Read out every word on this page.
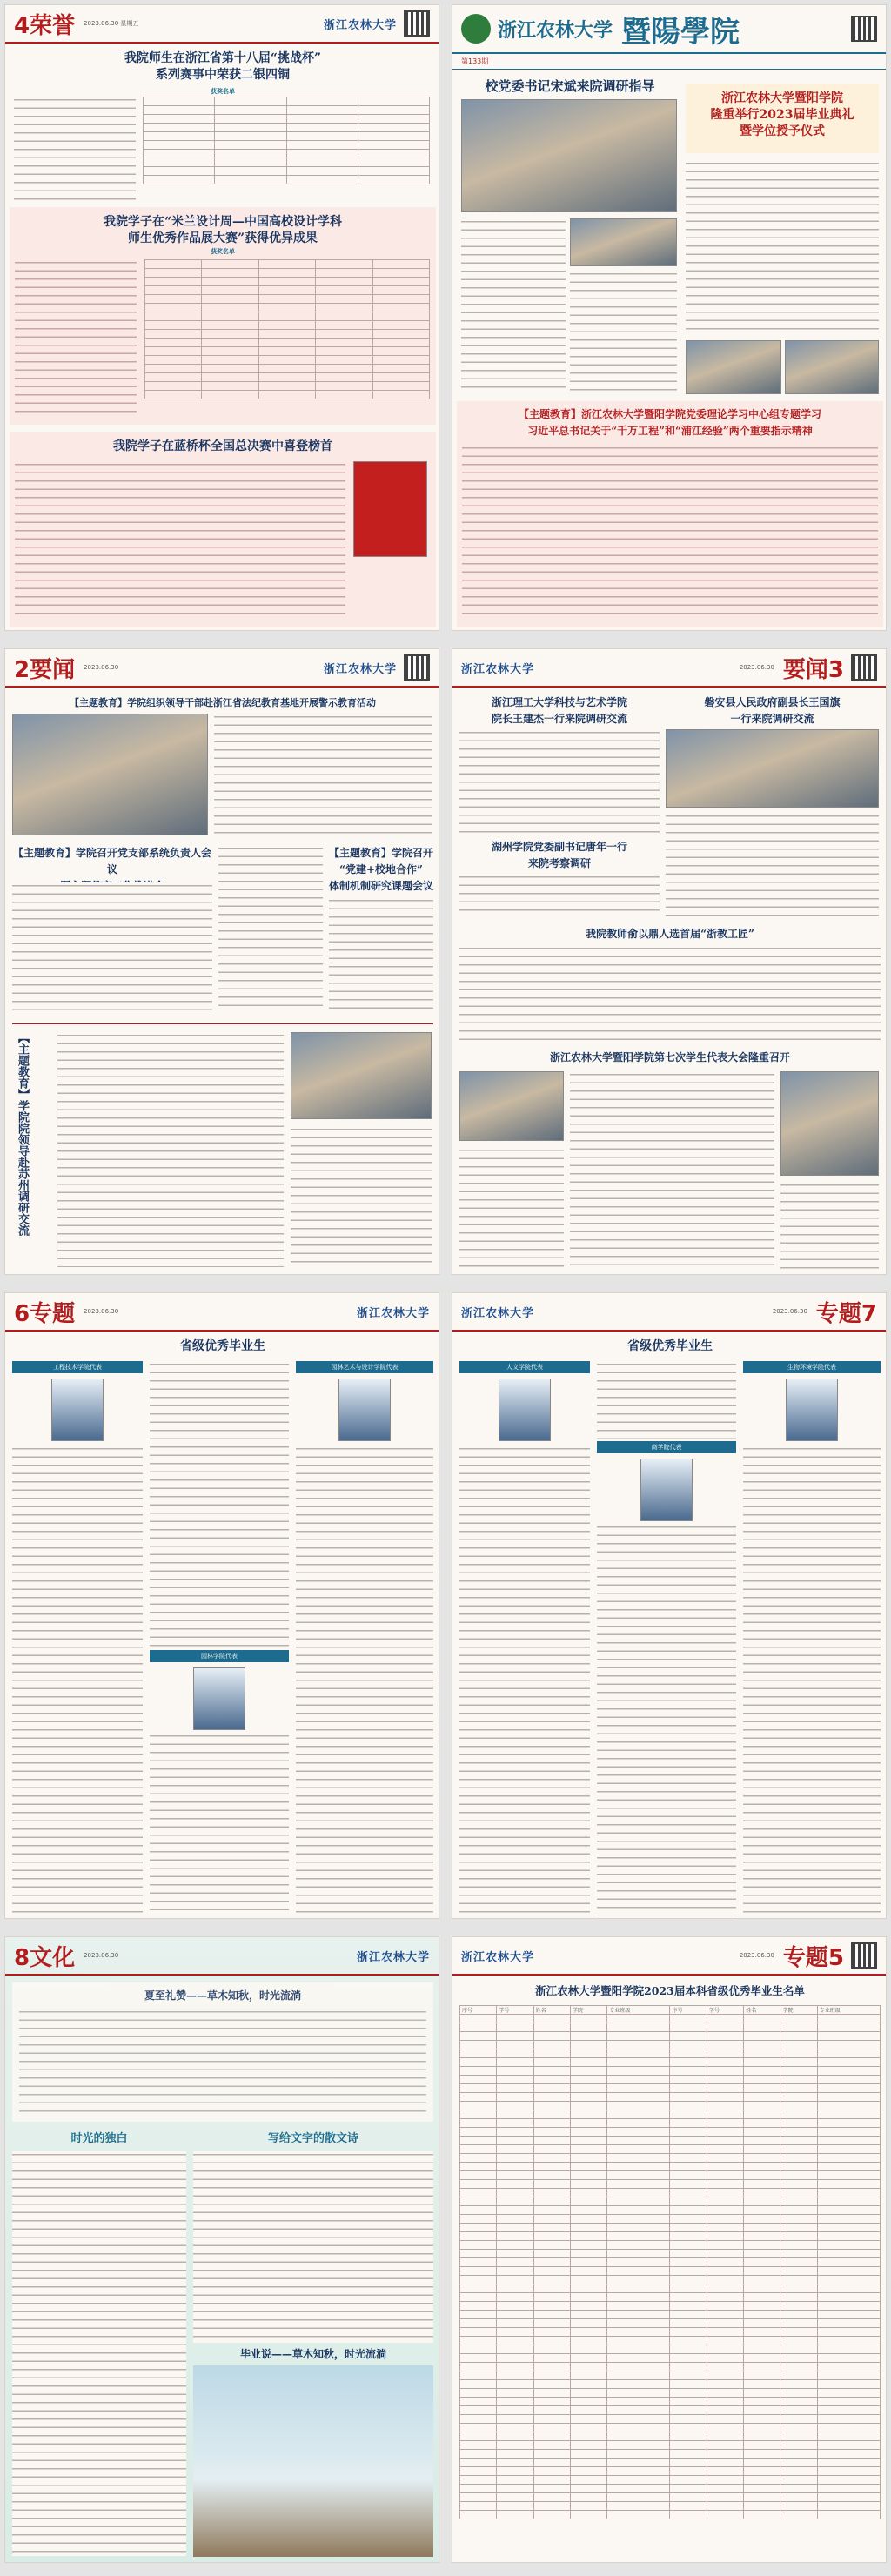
4荣誉 2023.06.30 星期五	浙江农林大学
我院师生在浙江省第十八届“挑战杯”
系列赛事中荣获二银四铜
获奖名单

我院学子在“米兰设计周—中国高校设计学科
师生优秀作品展大赛”获得优异成果
获奖名单

我院学子在蓝桥杯全国总决赛中喜登榜首
浙江农林大学 暨陽學院
第133期
校党委书记宋斌来院调研指导
浙江农林大学暨阳学院
隆重举行2023届毕业典礼
暨学位授予仪式
【主题教育】浙江农林大学暨阳学院党委理论学习中心组专题学习
习近平总书记关于“千万工程”和“浦江经验”两个重要指示精神
2要闻 2023.06.30	浙江农林大学
【主题教育】学院组织领导干部赴浙江省法纪教育基地开展警示教育活动
【主题教育】学院召开党支部系统负责人会议
【主题教育】学院召开
“党建+校地合作”
体制机制研究课题会议
【主题教育】学院院领导赴苏州调研交流
浙江农林大学	2023.06.30 要闻3
浙江理工大学科技与艺术学院
院长王建杰一行来院调研交流
磐安县人民政府副县长王国旗
一行来院调研交流
湖州学院党委副书记唐年一行
来院考察调研
我院教师俞以鼎人选首届“浙教工匠”
浙江农林大学暨阳学院第七次学生代表大会隆重召开
6专题 2023.06.30	浙江农林大学
省级优秀毕业生
工程技术学院代表
园林学院代表
园林艺术与设计学院代表
浙江农林大学	2023.06.30 专题7
省级优秀毕业生
人文学院代表
商学院代表
生物环境学院代表
8文化 2023.06.30	浙江农林大学
夏至礼赞——草木知秋，时光流淌
时光的独白	写给文字的散文诗
毕业说——草木知秋，时光流淌
浙江农林大学	2023.06.30 专题5
浙江农林大学暨阳学院2023届本科省级优秀毕业生名单
序号	学号	姓名	学院	专业班级	序号	学号	姓名	学院	专业班级
